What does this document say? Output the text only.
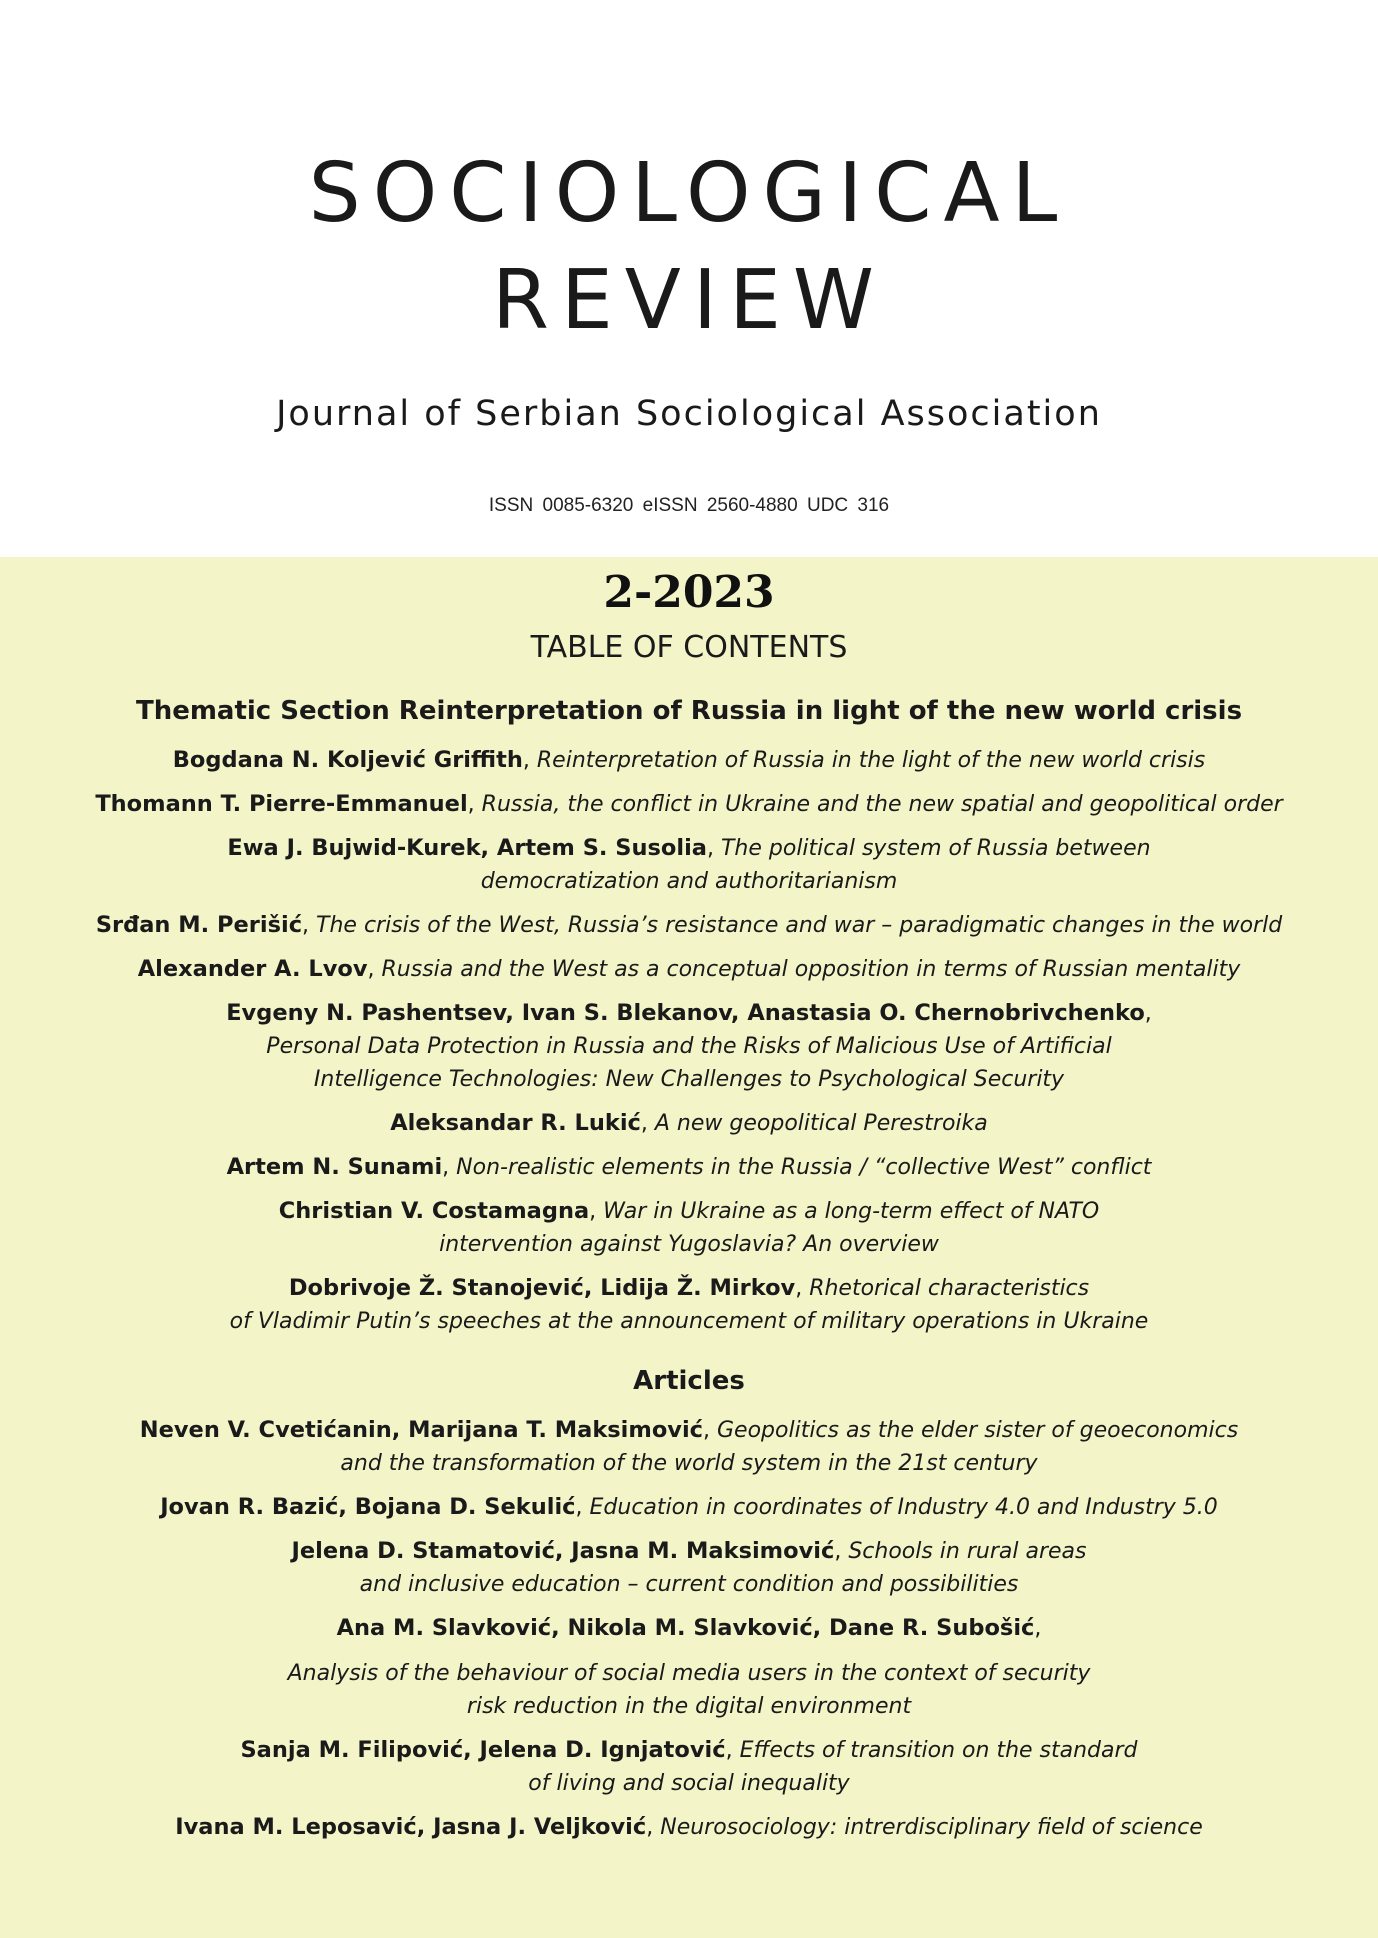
SOCIOLOGICAL
REVIEW
Journal of Serbian Sociological Association
ISSN 0085-6320 eISSN 2560-4880 UDC 316
2-2023
TABLE OF CONTENTS
Thematic Section Reinterpretation of Russia in light of the new world crisis
Bogdana N. Koljević Griffith, Reinterpretation of Russia in the light of the new world crisis
Thomann T. Pierre-Emmanuel, Russia, the conflict in Ukraine and the new spatial and geopolitical order
Ewa J. Bujwid-Kurek, Artem S. Susolia, The political system of Russia between
democratization and authoritarianism
Srđan M. Perišić, The crisis of the West, Russia’s resistance and war – paradigmatic changes in the world
Alexander A. Lvov, Russia and the West as a conceptual opposition in terms of Russian mentality
Evgeny N. Pashentsev, Ivan S. Blekanov, Anastasia O. Chernobrivchenko,
Personal Data Protection in Russia and the Risks of Malicious Use of Artificial
Intelligence Technologies: New Challenges to Psychological Security
Aleksandar R. Lukić, A new geopolitical Perestroika
Artem N. Sunami, Non-realistic elements in the Russia / “collective West” conflict
Christian V. Costamagna, War in Ukraine as a long-term effect of NATO
intervention against Yugoslavia? An overview
Dobrivoje Ž. Stanojević, Lidija Ž. Mirkov, Rhetorical characteristics
of Vladimir Putin’s speeches at the announcement of military operations in Ukraine
Articles
Neven V. Cvetićanin, Marijana T. Maksimović, Geopolitics as the elder sister of geoeconomics
and the transformation of the world system in the 21st century
Jovan R. Bazić, Bojana D. Sekulić, Education in coordinates of Industry 4.0 and Industry 5.0
Jelena D. Stamatović, Jasna M. Maksimović, Schools in rural areas
and inclusive education – current condition and possibilities
Ana M. Slavković, Nikola M. Slavković, Dane R. Subošić,
Analysis of the behaviour of social media users in the context of security
risk reduction in the digital environment
Sanja M. Filipović, Jelena D. Ignjatović, Effects of transition on the standard
of living and social inequality
Ivana M. Leposavić, Jasna J. Veljković, Neurosociology: intrerdisciplinary field of science
